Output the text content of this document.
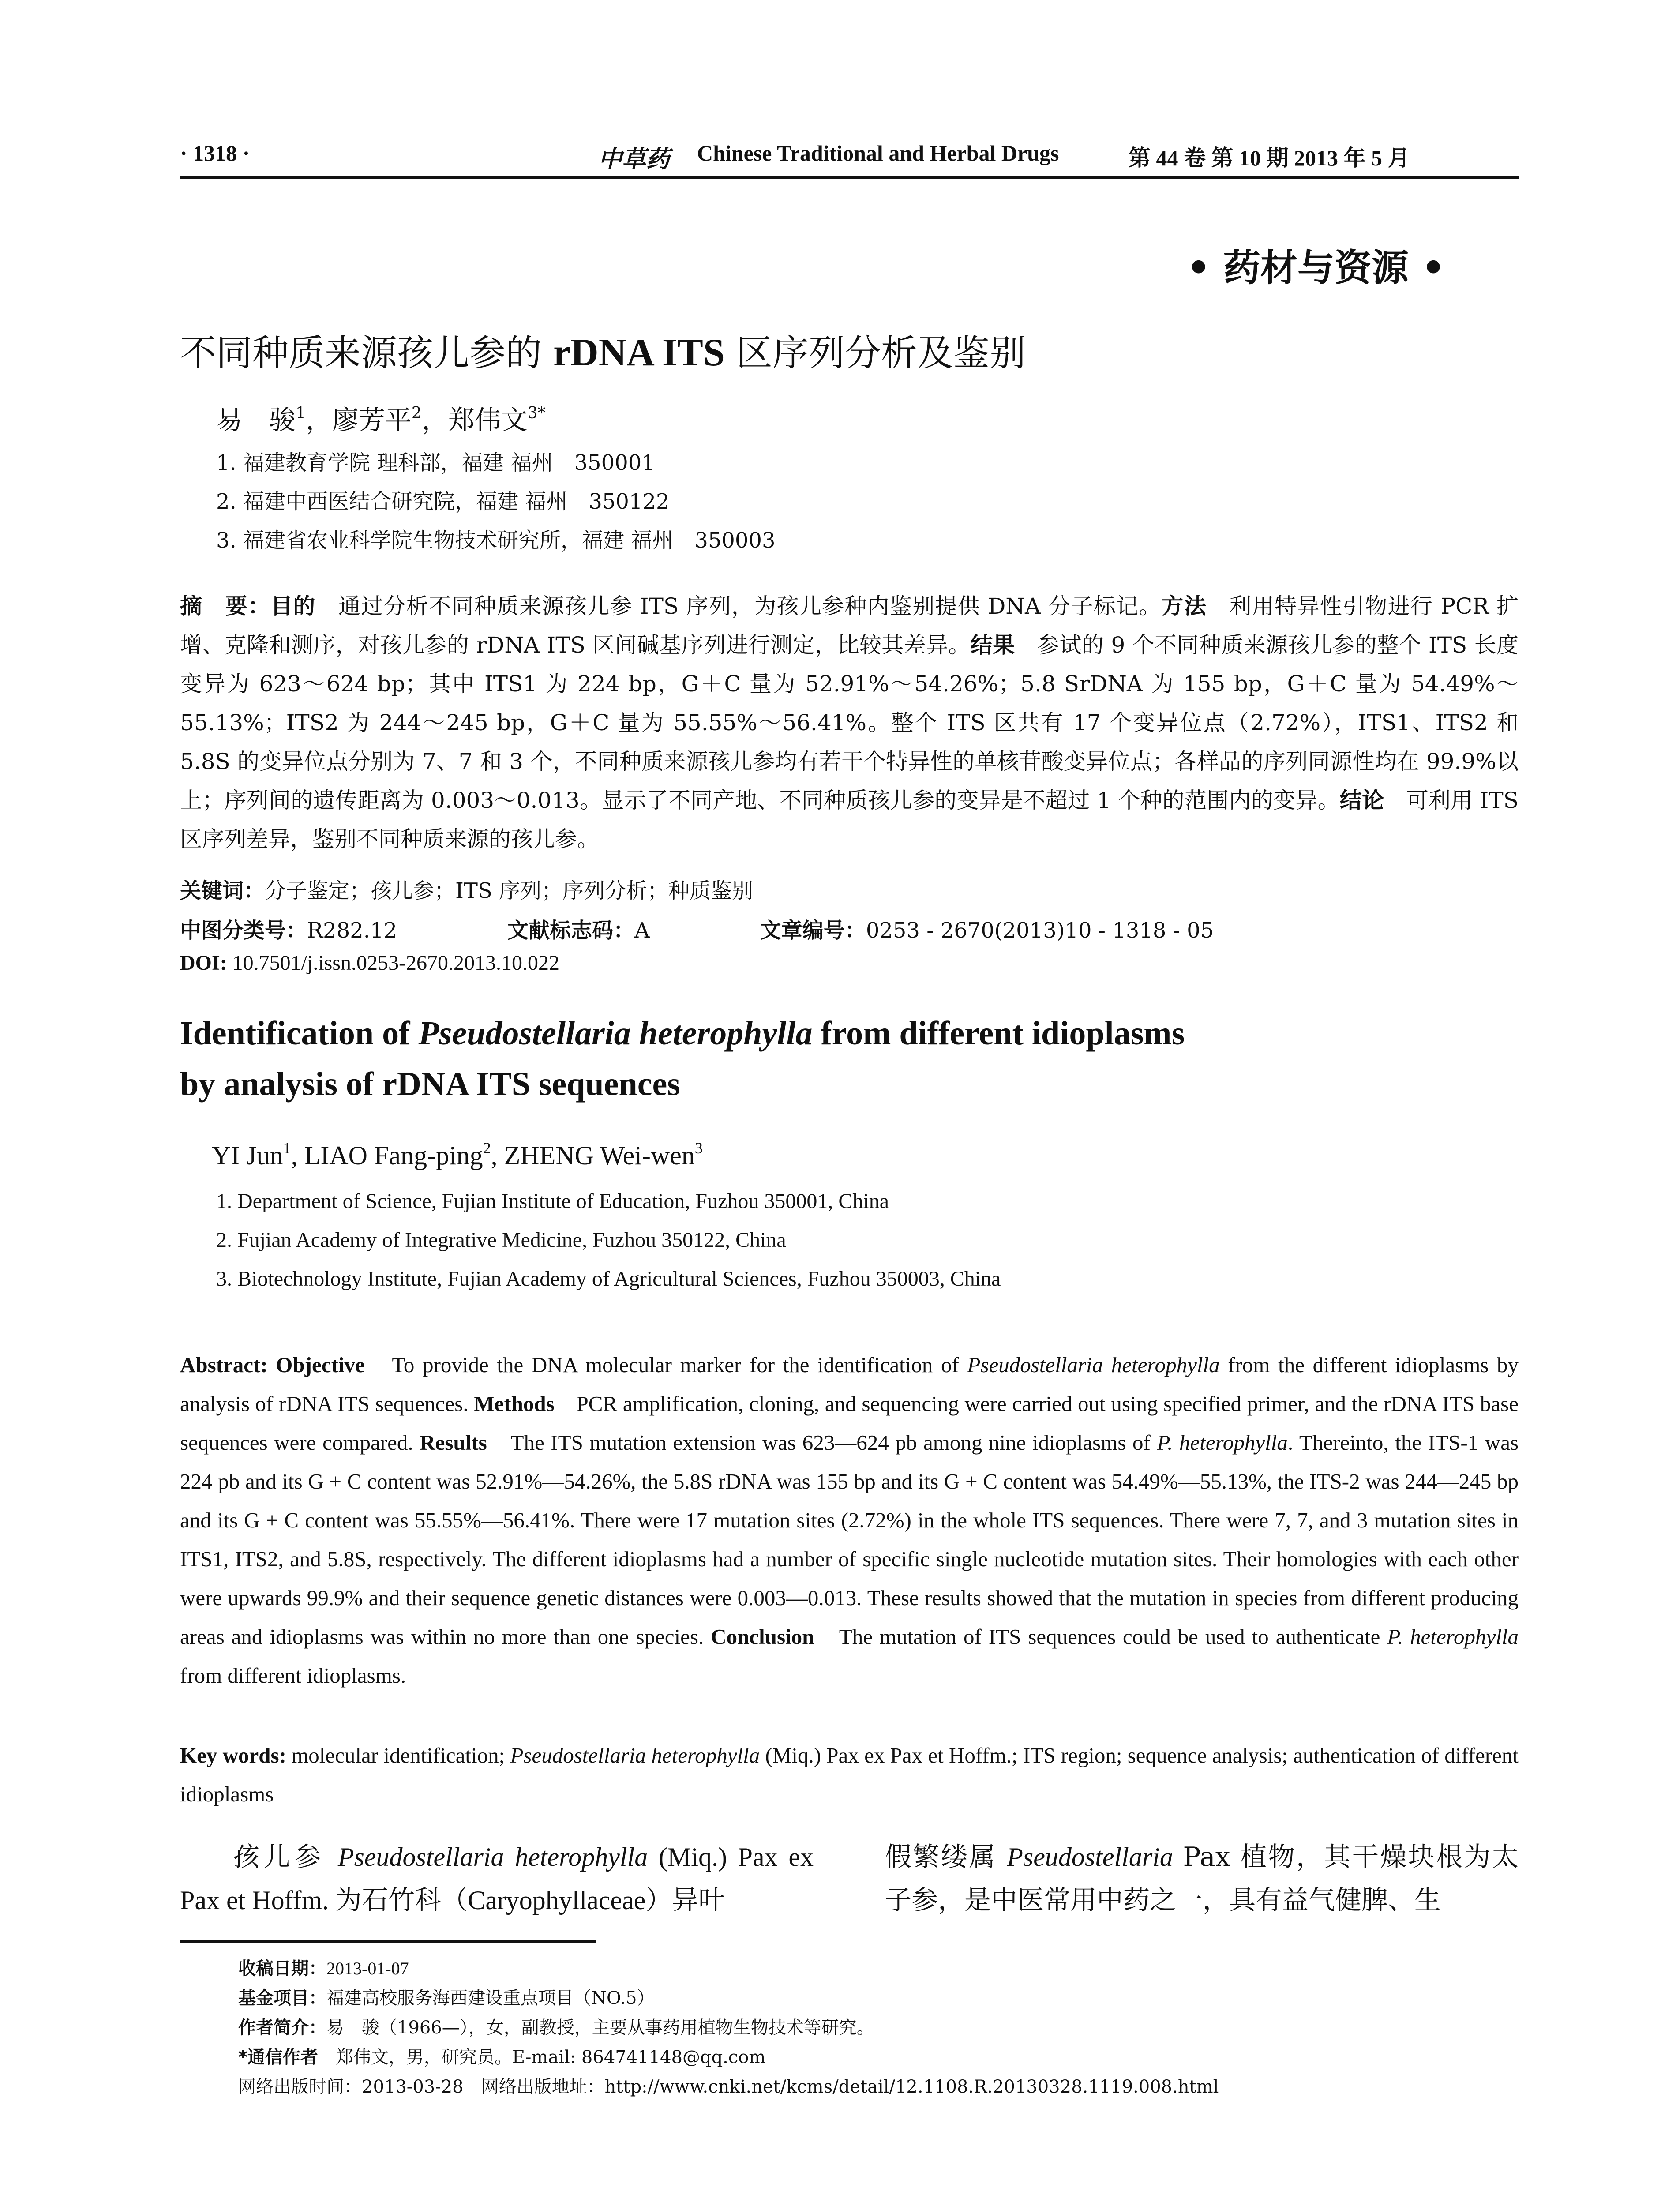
· 1318 ·	中草药 Chinese Traditional and Herbal Drugs	第 44 卷 第 10 期 2013 年 5 月
• 药材与资源 •
不同种质来源孩儿参的 rDNA ITS 区序列分析及鉴别
易　骏$^1$，廖芳平$^2$，郑伟文$^{3*}$
1. 福建教育学院 理科部，福建 福州　350001
2. 福建中西医结合研究院，福建 福州　350122
3. 福建省农业科学院生物技术研究所，福建 福州　350003
摘　要：目的　通过分析不同种质来源孩儿参 ITS 序列，为孩儿参种内鉴别提供 DNA 分子标记。方法　利用特异性引物进行 PCR 扩增、克隆和测序，对孩儿参的 rDNA ITS 区间碱基序列进行测定，比较其差异。结果　参试的 9 个不同种质来源孩儿参的整个 ITS 长度变异为 623～624 bp；其中 ITS1 为 224 bp，G＋C 量为 52.91%～54.26%；5.8 SrDNA 为 155 bp，G＋C 量为 54.49%～55.13%；ITS2 为 244～245 bp，G＋C 量为 55.55%～56.41%。整个 ITS 区共有 17 个变异位点（2.72%），ITS1、ITS2 和 5.8S 的变异位点分别为 7、7 和 3 个，不同种质来源孩儿参均有若干个特异性的单核苷酸变异位点；各样品的序列同源性均在 99.9%以上；序列间的遗传距离为 0.003～0.013。显示了不同产地、不同种质孩儿参的变异是不超过 1 个种的范围内的变异。结论　可利用 ITS 区序列差异，鉴别不同种质来源的孩儿参。
关键词：分子鉴定；孩儿参；ITS 序列；序列分析；种质鉴别
中图分类号：R282.12	文献标志码：A	文章编号：0253 - 2670(2013)10 - 1318 - 05
DOI: 10.7501/j.issn.0253-2670.2013.10.022
Identification of Pseudostellaria heterophylla from different idioplasms
by analysis of rDNA ITS sequences
YI Jun$^1$, LIAO Fang-ping$^2$, ZHENG Wei-wen$^3$
1. Department of Science, Fujian Institute of Education, Fuzhou 350001, China
2. Fujian Academy of Integrative Medicine, Fuzhou 350122, China
3. Biotechnology Institute, Fujian Academy of Agricultural Sciences, Fuzhou 350003, China
Abstract: Objective　To provide the DNA molecular marker for the identification of Pseudostellaria heterophylla from the different idioplasms by analysis of rDNA ITS sequences. Methods　PCR amplification, cloning, and sequencing were carried out using specified primer, and the rDNA ITS base sequences were compared. Results　The ITS mutation extension was 623—624 pb among nine idioplasms of P. heterophylla. Thereinto, the ITS-1 was 224 pb and its G + C content was 52.91%—54.26%, the 5.8S rDNA was 155 bp and its G + C content was 54.49%—55.13%, the ITS-2 was 244—245 bp and its G + C content was 55.55%—56.41%. There were 17 mutation sites (2.72%) in the whole ITS sequences. There were 7, 7, and 3 mutation sites in ITS1, ITS2, and 5.8S, respectively. The different idioplasms had a number of specific single nucleotide mutation sites. Their homologies with each other were upwards 99.9% and their sequence genetic distances were 0.003—0.013. These results showed that the mutation in species from different producing areas and idioplasms was within no more than one species. Conclusion　The mutation of ITS sequences could be used to authenticate P. heterophylla from different idioplasms.
Key words: molecular identification; Pseudostellaria heterophylla (Miq.) Pax ex Pax et Hoffm.; ITS region; sequence analysis; authentication of different idioplasms
孩儿参 Pseudostellaria heterophylla (Miq.) Pax ex Pax et Hoffm. 为石竹科（Caryophyllaceae）异叶
假繁缕属 Pseudostellaria Pax 植物，其干燥块根为太子参，是中医常用中药之一，具有益气健脾、生
收稿日期：2013-01-07
基金项目：福建高校服务海西建设重点项目（NO.5）
作者简介：易　骏（1966—），女，副教授，主要从事药用植物生物技术等研究。
*通信作者　郑伟文，男，研究员。E-mail: 864741148@qq.com
网络出版时间：2013-03-28　网络出版地址：http://www.cnki.net/kcms/detail/12.1108.R.20130328.1119.008.html
